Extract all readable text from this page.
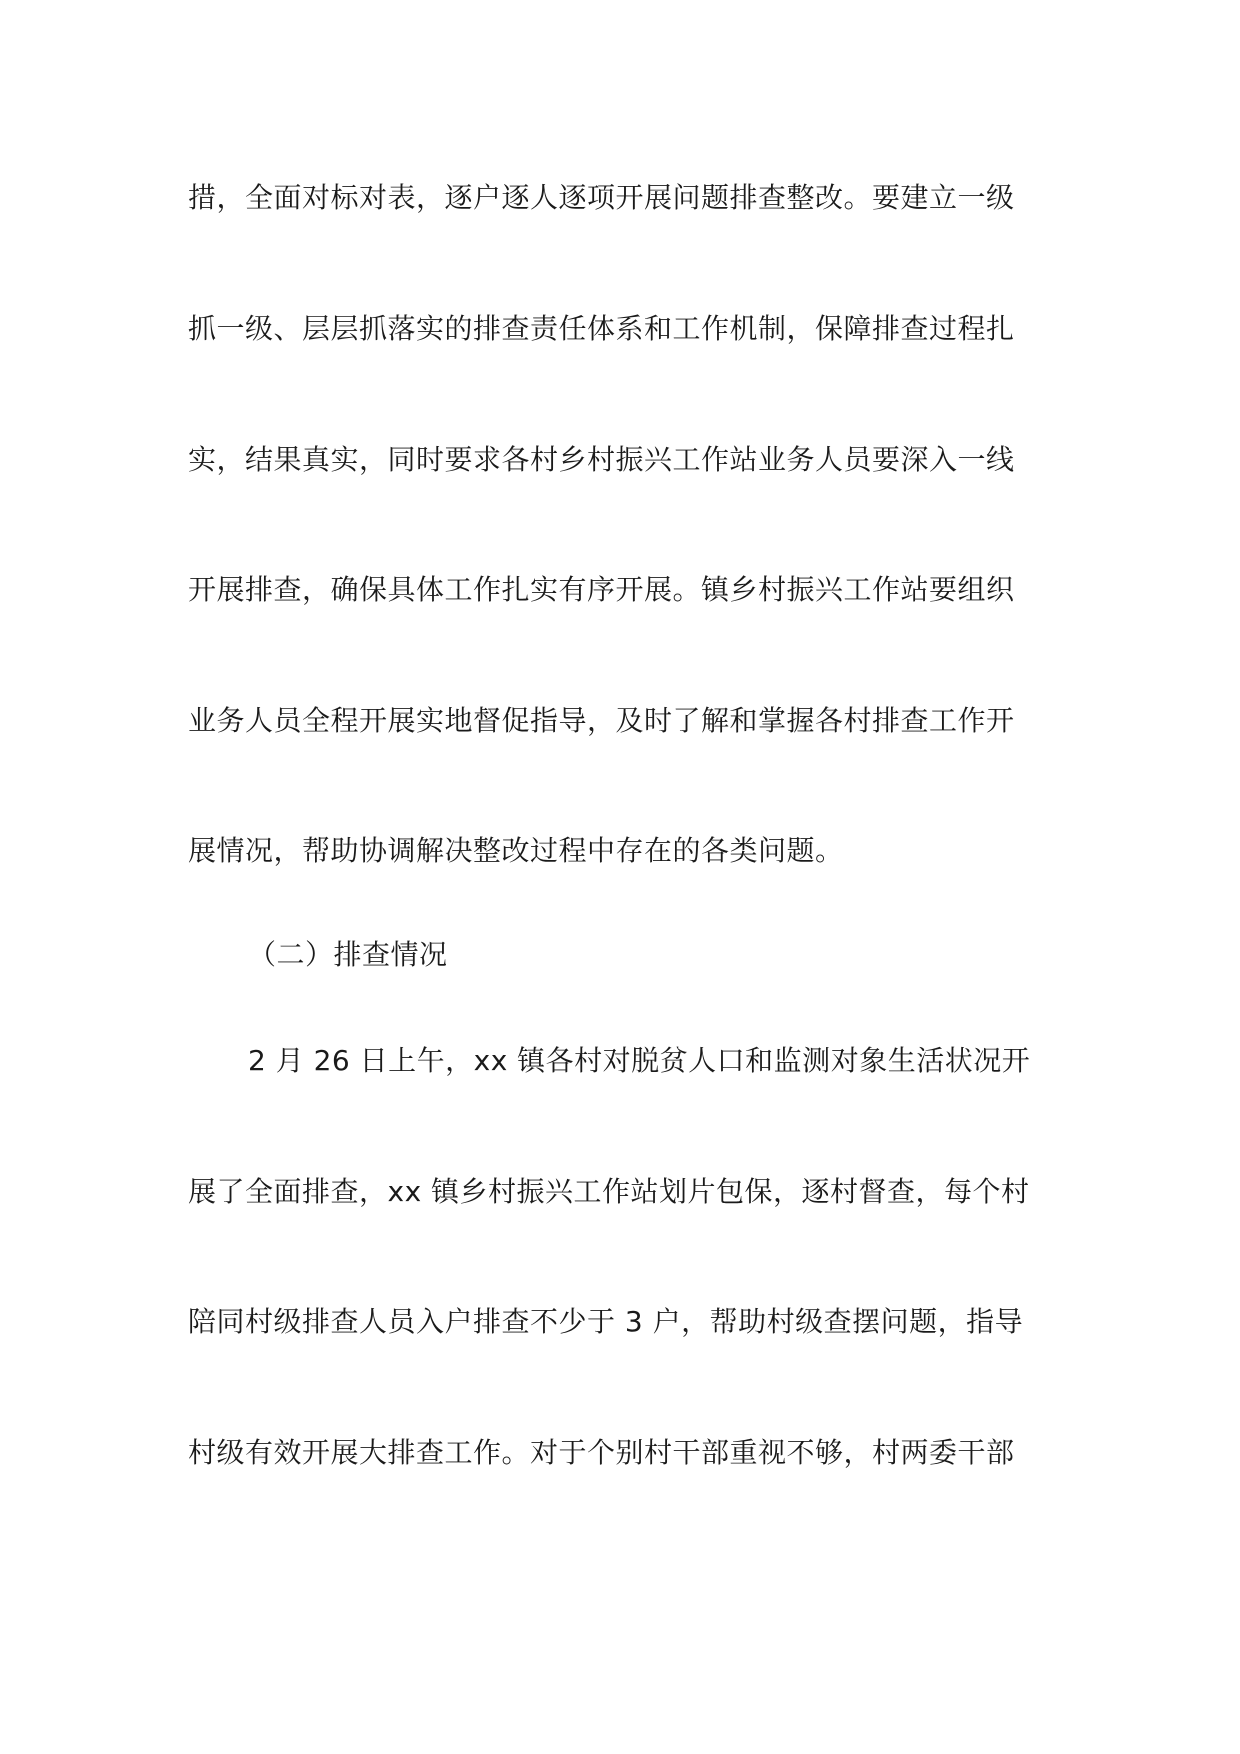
措，全面对标对表，逐户逐人逐项开展问题排查整改。要建立一级
抓一级、层层抓落实的排查责任体系和工作机制，保障排查过程扎
实，结果真实，同时要求各村乡村振兴工作站业务人员要深入一线
开展排查，确保具体工作扎实有序开展。镇乡村振兴工作站要组织
业务人员全程开展实地督促指导，及时了解和掌握各村排查工作开
展情况，帮助协调解决整改过程中存在的各类问题。
（二）排查情况
2 月 26 日上午，xx 镇各村对脱贫人口和监测对象生活状况开
展了全面排查，xx 镇乡村振兴工作站划片包保，逐村督查，每个村
陪同村级排查人员入户排查不少于 3 户，帮助村级查摆问题，指导
村级有效开展大排查工作。对于个别村干部重视不够，村两委干部
